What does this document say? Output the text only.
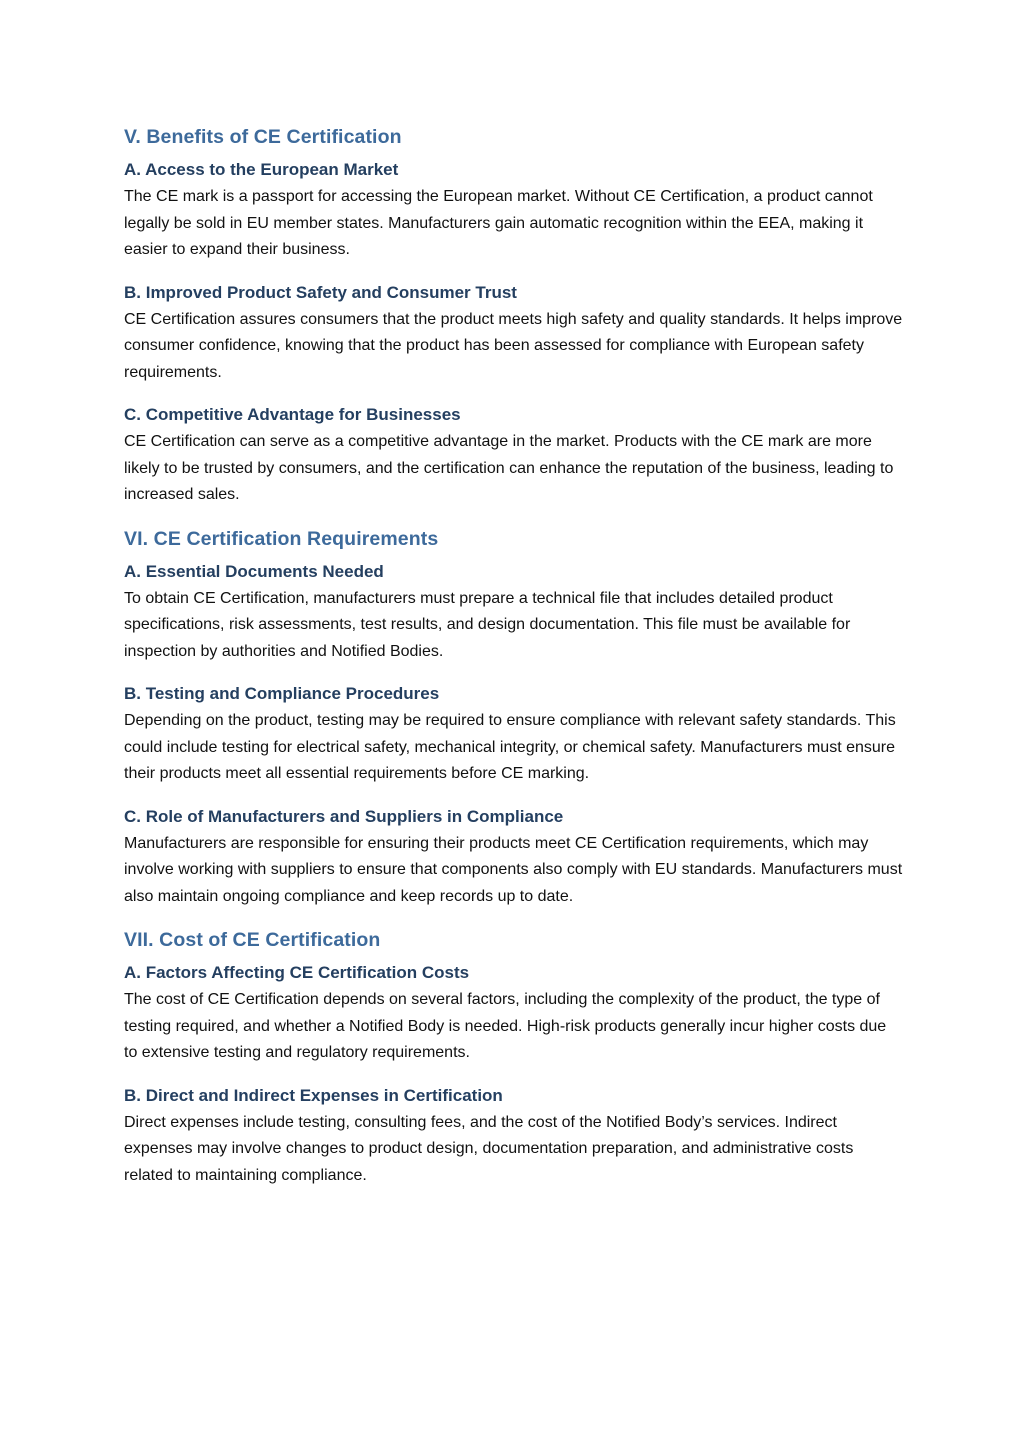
V. Benefits of CE Certification
A. Access to the European Market

The CE mark is a passport for accessing the European market. Without CE Certification, a product cannot legally be sold in EU member states. Manufacturers gain automatic recognition within the EEA, making it easier to expand their business.

B. Improved Product Safety and Consumer Trust

CE Certification assures consumers that the product meets high safety and quality standards. It helps improve consumer confidence, knowing that the product has been assessed for compliance with European safety requirements.

C. Competitive Advantage for Businesses

CE Certification can serve as a competitive advantage in the market. Products with the CE mark are more likely to be trusted by consumers, and the certification can enhance the reputation of the business, leading to increased sales.

VI. CE Certification Requirements
A. Essential Documents Needed

To obtain CE Certification, manufacturers must prepare a technical file that includes detailed product specifications, risk assessments, test results, and design documentation. This file must be available for inspection by authorities and Notified Bodies.

B. Testing and Compliance Procedures

Depending on the product, testing may be required to ensure compliance with relevant safety standards. This could include testing for electrical safety, mechanical integrity, or chemical safety. Manufacturers must ensure their products meet all essential requirements before CE marking.

C. Role of Manufacturers and Suppliers in Compliance

Manufacturers are responsible for ensuring their products meet CE Certification requirements, which may involve working with suppliers to ensure that components also comply with EU standards. Manufacturers must also maintain ongoing compliance and keep records up to date.

VII. Cost of CE Certification
A. Factors Affecting CE Certification Costs

The cost of CE Certification depends on several factors, including the complexity of the product, the type of testing required, and whether a Notified Body is needed. High-risk products generally incur higher costs due to extensive testing and regulatory requirements.

B. Direct and Indirect Expenses in Certification

Direct expenses include testing, consulting fees, and the cost of the Notified Body’s services. Indirect expenses may involve changes to product design, documentation preparation, and administrative costs related to maintaining compliance.
